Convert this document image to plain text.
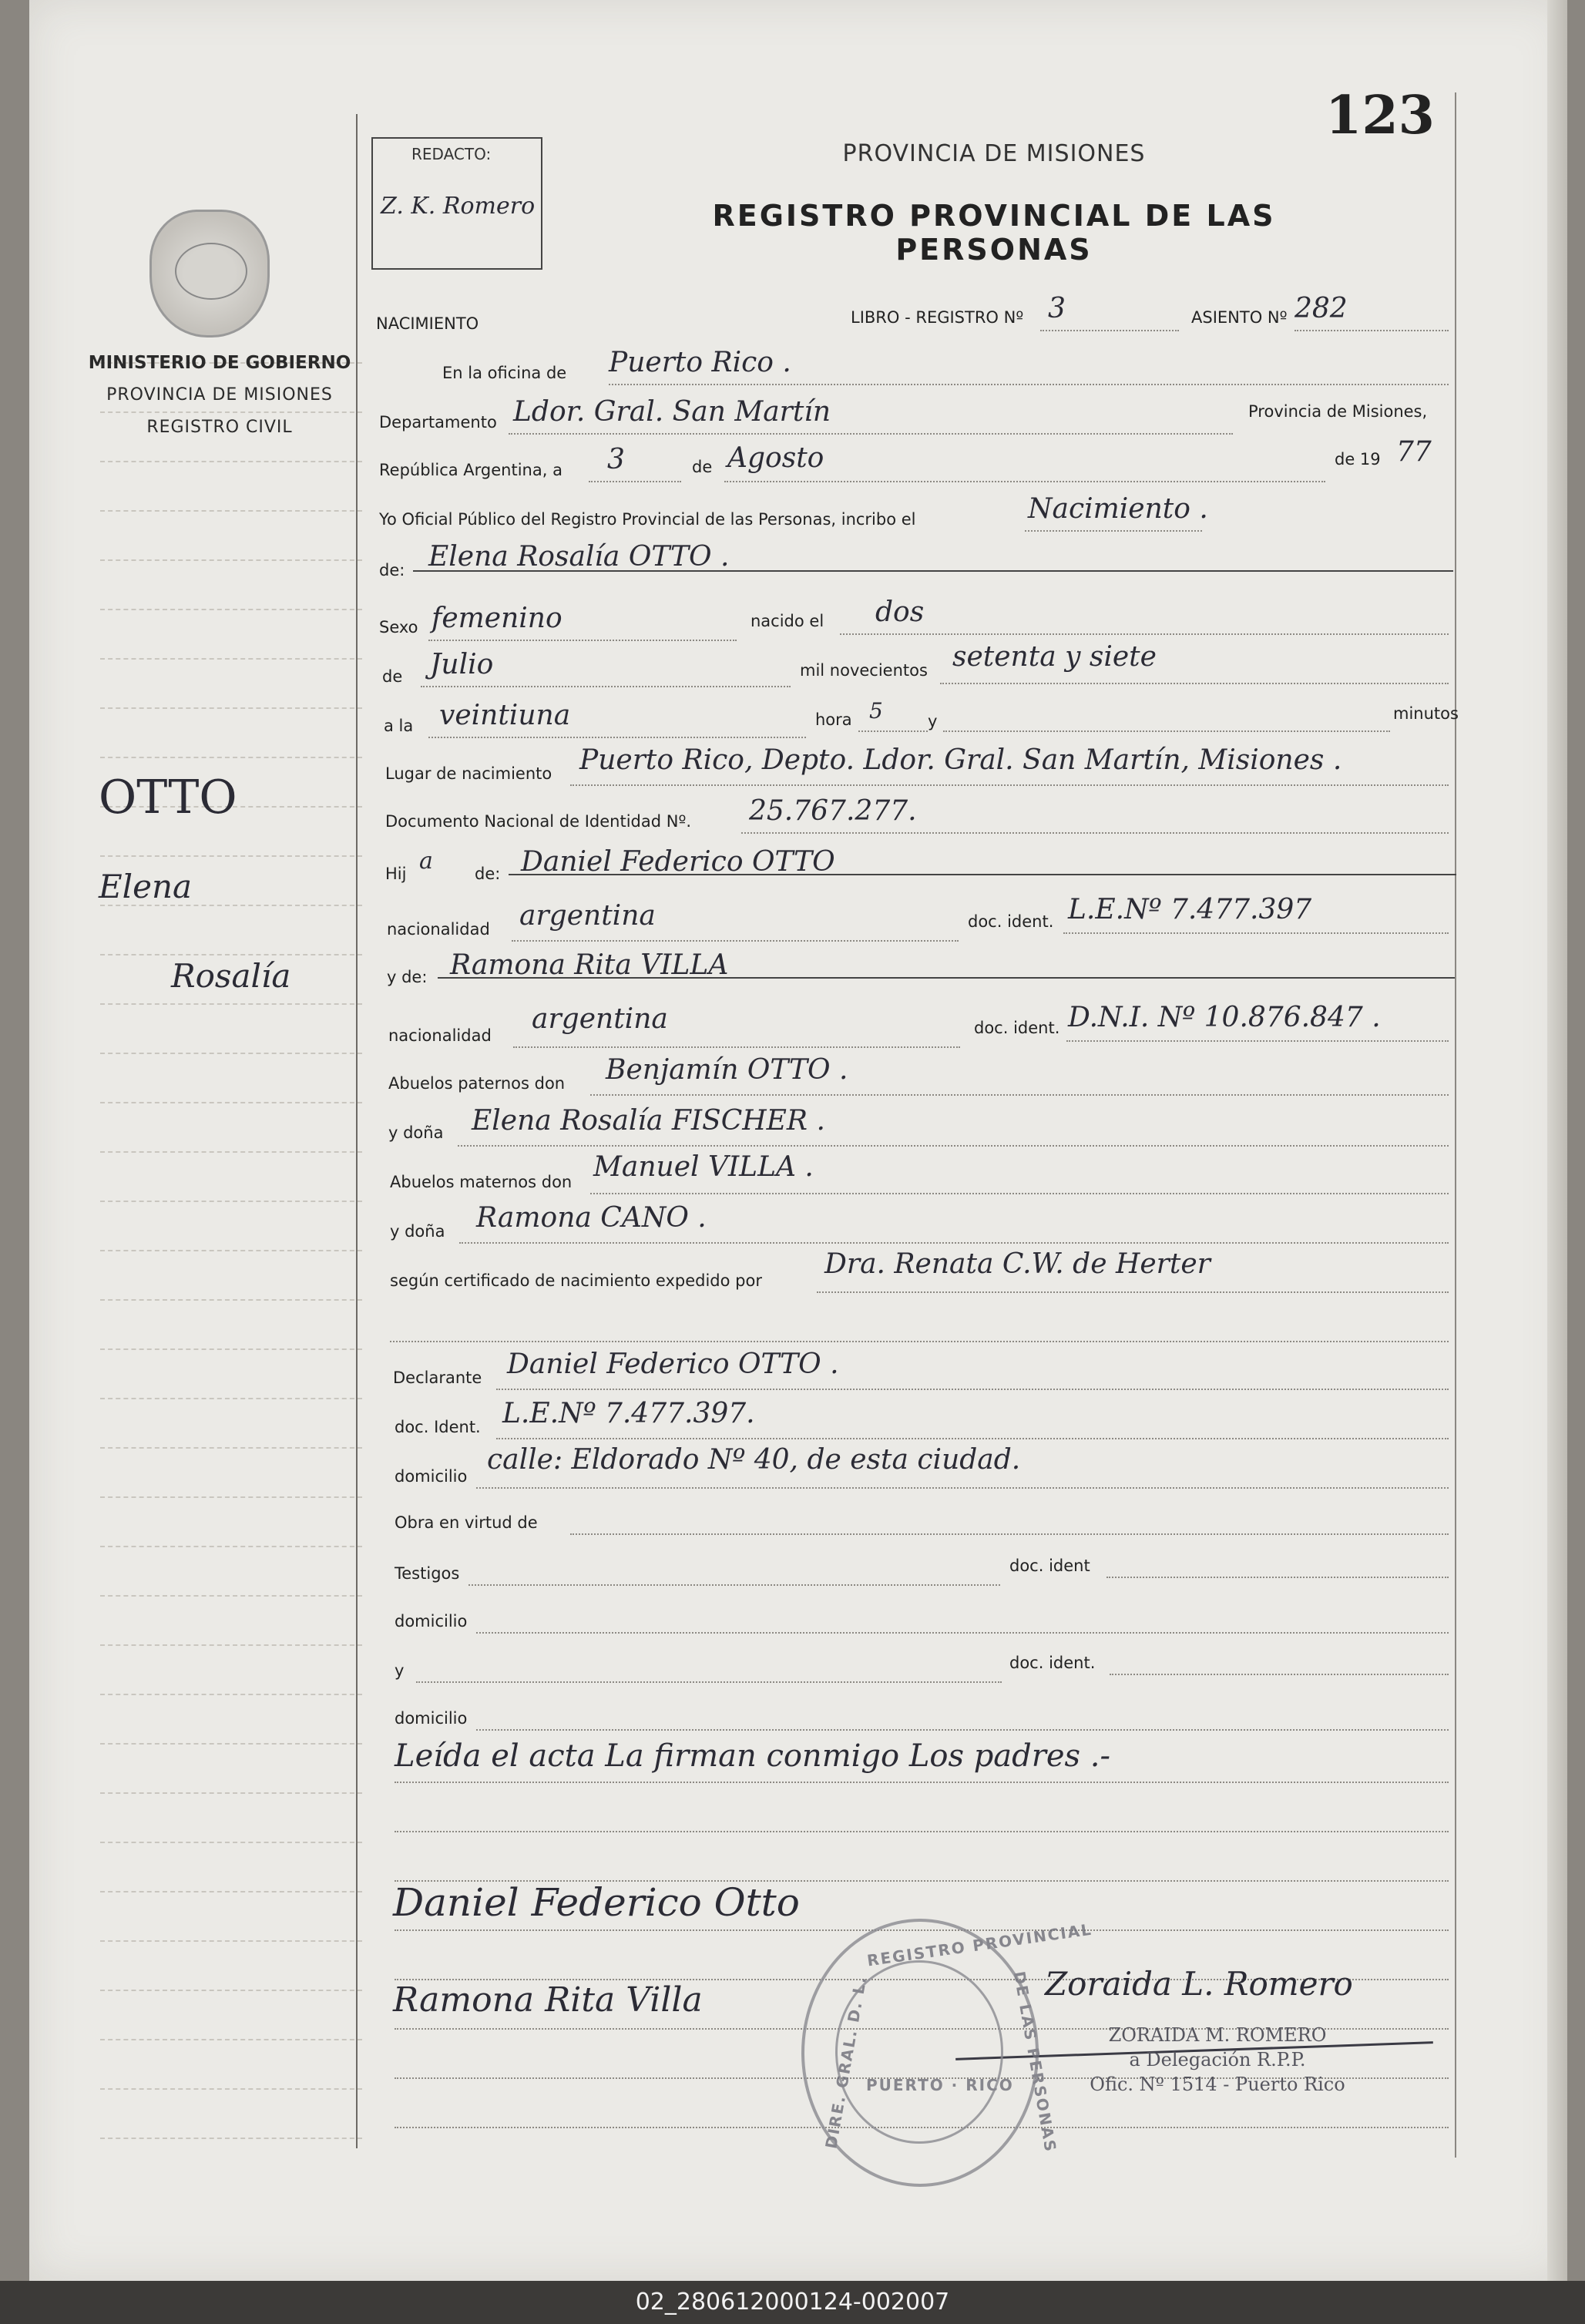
MINISTERIO DE GOBIERNO
PROVINCIA DE MISIONES
REGISTRO CIVIL
OTTO
Elena
Rosalía
REDACTO:
Z. K. Romero
123
PROVINCIA DE MISIONES
REGISTRO PROVINCIAL DE LAS PERSONAS
NACIMIENTO	LIBRO - REGISTRO Nº 3	ASIENTO Nº 282
En la oficina de Puerto Rico .
Departamento Ldor. Gral. San Martín	Provincia de Misiones,
República Argentina, a 3	de Agosto	de 19 77
Yo Oficial Público del Registro Provincial de las Personas, incribo el	Nacimiento .
de: Elena Rosalía OTTO .
Sexo femenino	nacido el dos
de Julio	mil novecientos setenta y siete
a la veintiuna	hora 5	y	minutos
Lugar de nacimiento Puerto Rico, Depto. Ldor. Gral. San Martín, Misiones .
Documento Nacional de Identidad Nº. 25.767.277.
Hij a	de: Daniel Federico OTTO
nacionalidad argentina	doc. ident. L.E.Nº 7.477.397
y de: Ramona Rita VILLA
nacionalidad
argentina	doc. ident. D.N.I. Nº 10.876.847 .
Abuelos paternos don Benjamín OTTO .
y doña Elena Rosalía FISCHER .
Abuelos maternos don Manuel VILLA .
y doña Ramona CANO .
según certificado de nacimiento expedido por
Dra. Renata C.W. de Herter
Declarante Daniel Federico OTTO .
doc. Ident. L.E.Nº 7.477.397.
domicilio
calle: Eldorado Nº 40, de esta ciudad.
Obra en virtud de
Testigos	doc. ident
domicilio
y	doc. ident.
domicilio
Leída el acta La firman conmigo Los padres .-
Daniel Federico Otto
Ramona Rita Villa	Zoraida L. Romero
REGISTRO PROVINCIAL
DIRE. GRAL. D. L.	DE LAS PERSONAS
PUERTO · RICO
ZORAIDA M. ROMERO
a Delegación R.P.P.
Ofic. Nº 1514 - Puerto Rico
02_280612000124-002007
